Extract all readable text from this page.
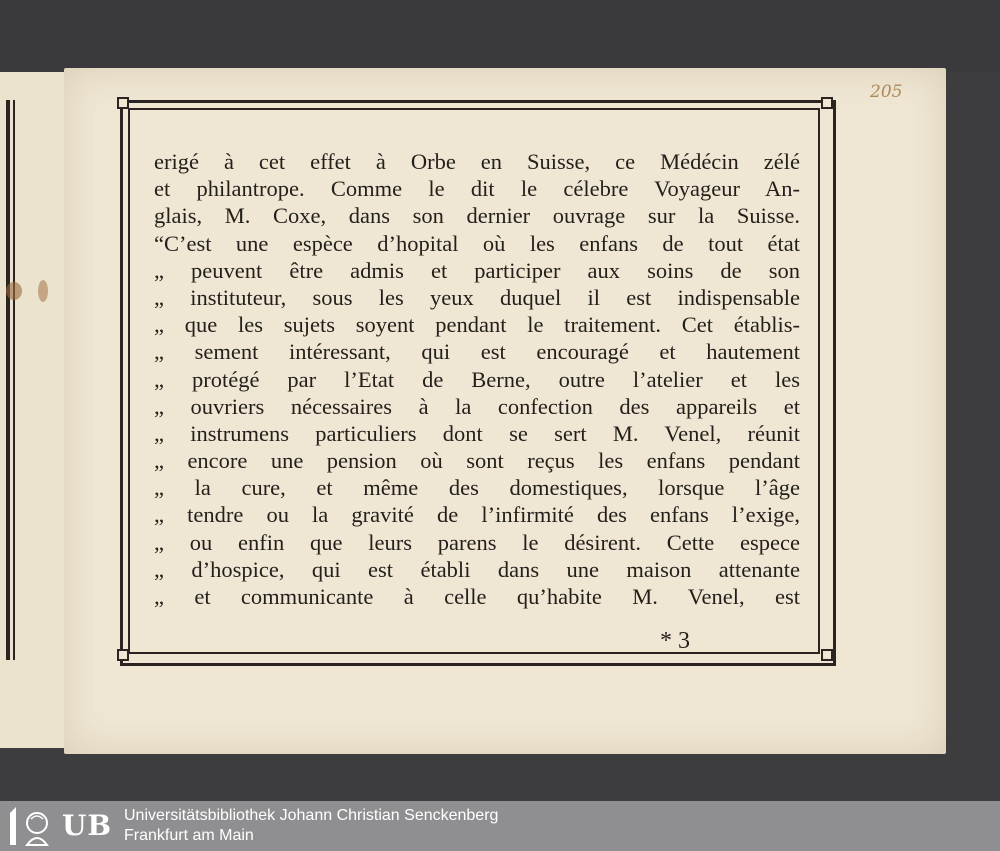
205
erigé à cet effet à Orbe en Suisse, ce Médécin zélé
et philantrope. Comme le dit le célebre Voyageur An-
glais, M. Coxe, dans son dernier ouvrage sur la Suisse.
“C’est une espèce d’hopital où les enfans de tout état
„ peuvent être admis et participer aux soins de son
„ instituteur, sous les yeux duquel il est indispensable
„ que les sujets soyent pendant le traitement. Cet établis-
„ sement intéressant, qui est encouragé et hautement
„ protégé par l’Etat de Berne, outre l’atelier et les
„ ouvriers nécessaires à la confection des appareils et
„ instrumens particuliers dont se sert M. Venel, réunit
„ encore une pension où sont reçus les enfans pendant
„ la cure, et même des domestiques, lorsque l’âge
„ tendre ou la gravité de l’infirmité des enfans l’exige,
„ ou enfin que leurs parens le désirent. Cette espece
„ d’hospice, qui est établi dans une maison attenante
„ et communicante à celle qu’habite M. Venel, est
* 3
UB Universitätsbibliothek Johann Christian Senckenberg
Frankfurt am Main
